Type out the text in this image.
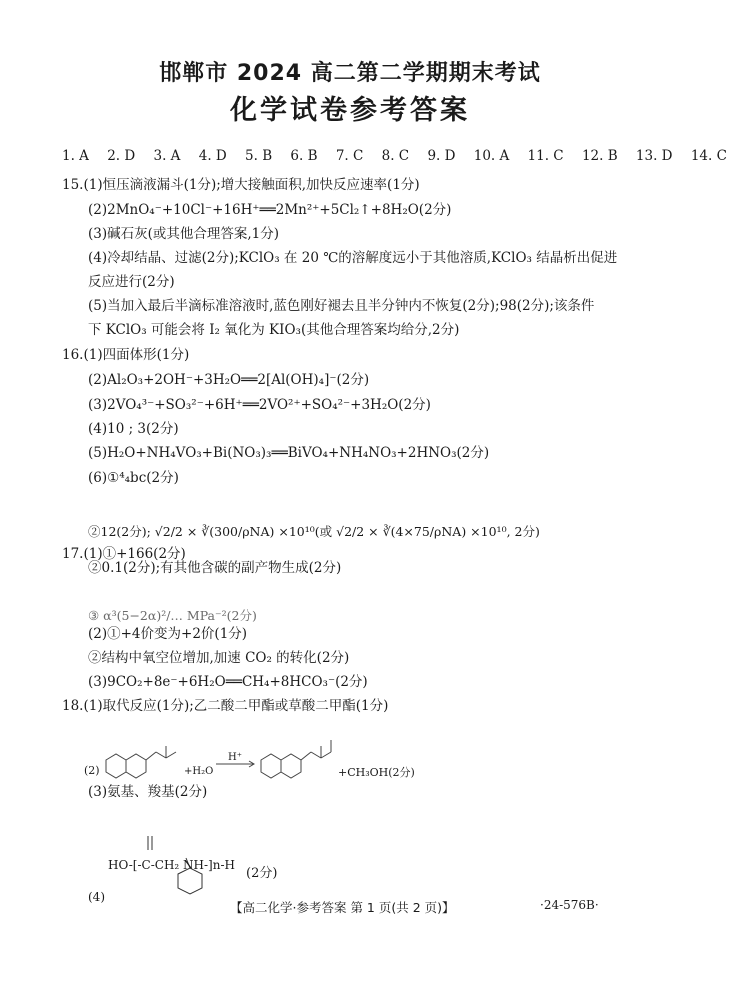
邯郸市 2024 高二第二学期期末考试
化学试卷参考答案
1. A 2. D 3. A 4. D 5. B 6. B 7. C 8. C 9. D 10. A 11. C 12. B 13. D 14. C
15.(1)恒压滴液漏斗(1分);增大接触面积,加快反应速率(1分)
(2)2MnO₄⁻+10Cl⁻+16H⁺══2Mn²⁺+5Cl₂↑+8H₂O(2分)
(3)碱石灰(或其他合理答案,1分)
(4)冷却结晶、过滤(2分);KClO₃ 在 20 ℃的溶解度远小于其他溶质,KClO₃ 结晶析出促进
反应进行(2分)
(5)当加入最后半滴标准溶液时,蓝色刚好褪去且半分钟内不恢复(2分);98(2分);该条件
下 KClO₃ 可能会将 I₂ 氧化为 KIO₃(其他合理答案均给分,2分)
16.(1)四面体形(1分)
(2)Al₂O₃+2OH⁻+3H₂O══2[Al(OH)₄]⁻(2分)
(3)2VO₄³⁻+SO₃²⁻+6H⁺══2VO²⁺+SO₄²⁻+3H₂O(2分)
(4)10 ; 3(2分)
(5)H₂O+NH₄VO₃+Bi(NO₃)₃══BiVO₄+NH₄NO₃+2HNO₃(2分)
(6)①⁴₄bc(2分)
②12(2分); √2/2 × ∛(300/ρNA) ×10¹⁰(或 √2/2 × ∛(4×75/ρNA) ×10¹⁰, 2分)
17.(1)①+166(2分)
②0.1(2分);有其他含碳的副产物生成(2分)
③ α³(5−2α)²/… MPa⁻²(2分)
(2)①+4价变为+2价(1分)
②结构中氧空位增加,加速 CO₂ 的转化(2分)
(3)9CO₂+8e⁻+6H₂O══CH₄+8HCO₃⁻(2分)
18.(1)取代反应(1分);乙二酸二甲酯或草酸二甲酯(1分)
(2)	+H₂O
H⁺
+CH₃OH(2分)
(3)氨基、羧基(2分)
HO-[-C-CH₂ NH-]n-H
(2分)
(4)
【高二化学·参考答案 第 1 页(共 2 页)】	·24-576B·
